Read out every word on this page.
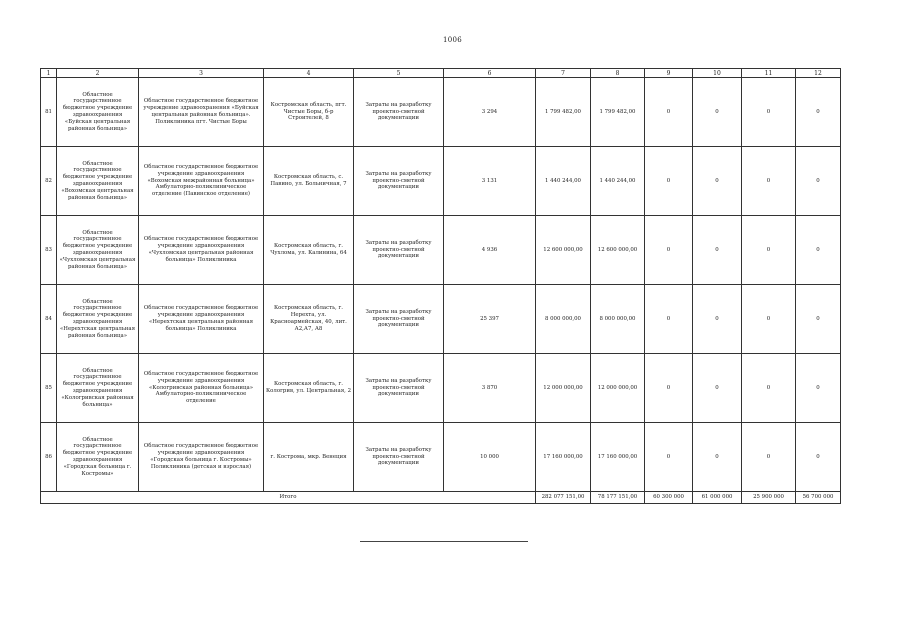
1006
1	2	3	4	5	6	7	8	9	10	11	12
81	Областное государственное бюджетное учреждение здравоохранения «Буйская центральная районная больница»	Областное государственное бюджетное учреждение здравоохранения «Буйская центральная районная больница». Поликлиника пгт. Чистые Боры	Костромская область, пгт. Чистые Боры, б-р Строителей, 8	Затраты на разработку проектно-сметной документации	3 294	1 799 482,00	1 799 482,00	0	0	0	0
82	Областное государственное бюджетное учреждение здравоохранения «Вохомская центральная районная больница»	Областное государственное бюджетное учреждение здравоохранения «Вохомская межрайонная больница» Амбулаторно-поликлиническое отделение (Павинское отделение)	Костромская область, с. Павино, ул. Больничная, 7	Затраты на разработку проектно-сметной документации	3 131	1 440 244,00	1 440 244,00	0	0	0	0
83	Областное государственное бюджетное учреждение здравоохранения «Чухломская центральная районная больница»	Областное государственное бюджетное учреждение здравоохранения «Чухломская центральная районная больница» Поликлиника	Костромская область, г. Чухлома, ул. Калинина, 64	Затраты на разработку проектно-сметной документации	4 936	12 600 000,00	12 600 000,00	0	0	0	0
84	Областное государственное бюджетное учреждение здравоохранения «Нерехтская центральная районная больница»	Областное государственное бюджетное учреждение здравоохранения «Нерехтская центральная районная больница» Поликлиника	Костромская область, г. Нерехта, ул. Красноармейская, 40, лит. А2,А7, А8	Затраты на разработку проектно-сметной документации	25 397	8 000 000,00	8 000 000,00	0	0	0	0
85	Областное государственное бюджетное учреждение здравоохранения «Кологривская районная больница»	Областное государственное бюджетное учреждение здравоохранения «Кологривская районная больница» Амбулаторно-поликлиническое отделение	Костромская область, г. Кологрив, ул. Центральная, 2	Затраты на разработку проектно-сметной документации	3 870	12 000 000,00	12 000 000,00	0	0	0	0
86	Областное государственное бюджетное учреждение здравоохранения «Городская больница г. Костромы»	Областное государственное бюджетное учреждение здравоохранения «Городская больница г. Костромы» Поликлиника (детская и взрослая)	г. Кострома, мкр. Венеция	Затраты на разработку проектно-сметной документации	10 000	17 160 000,00	17 160 000,00	0	0	0	0
Итого						282 077 151,00	78 177 151,00	60 300 000	61 000 000	25 900 000	56 700 000
